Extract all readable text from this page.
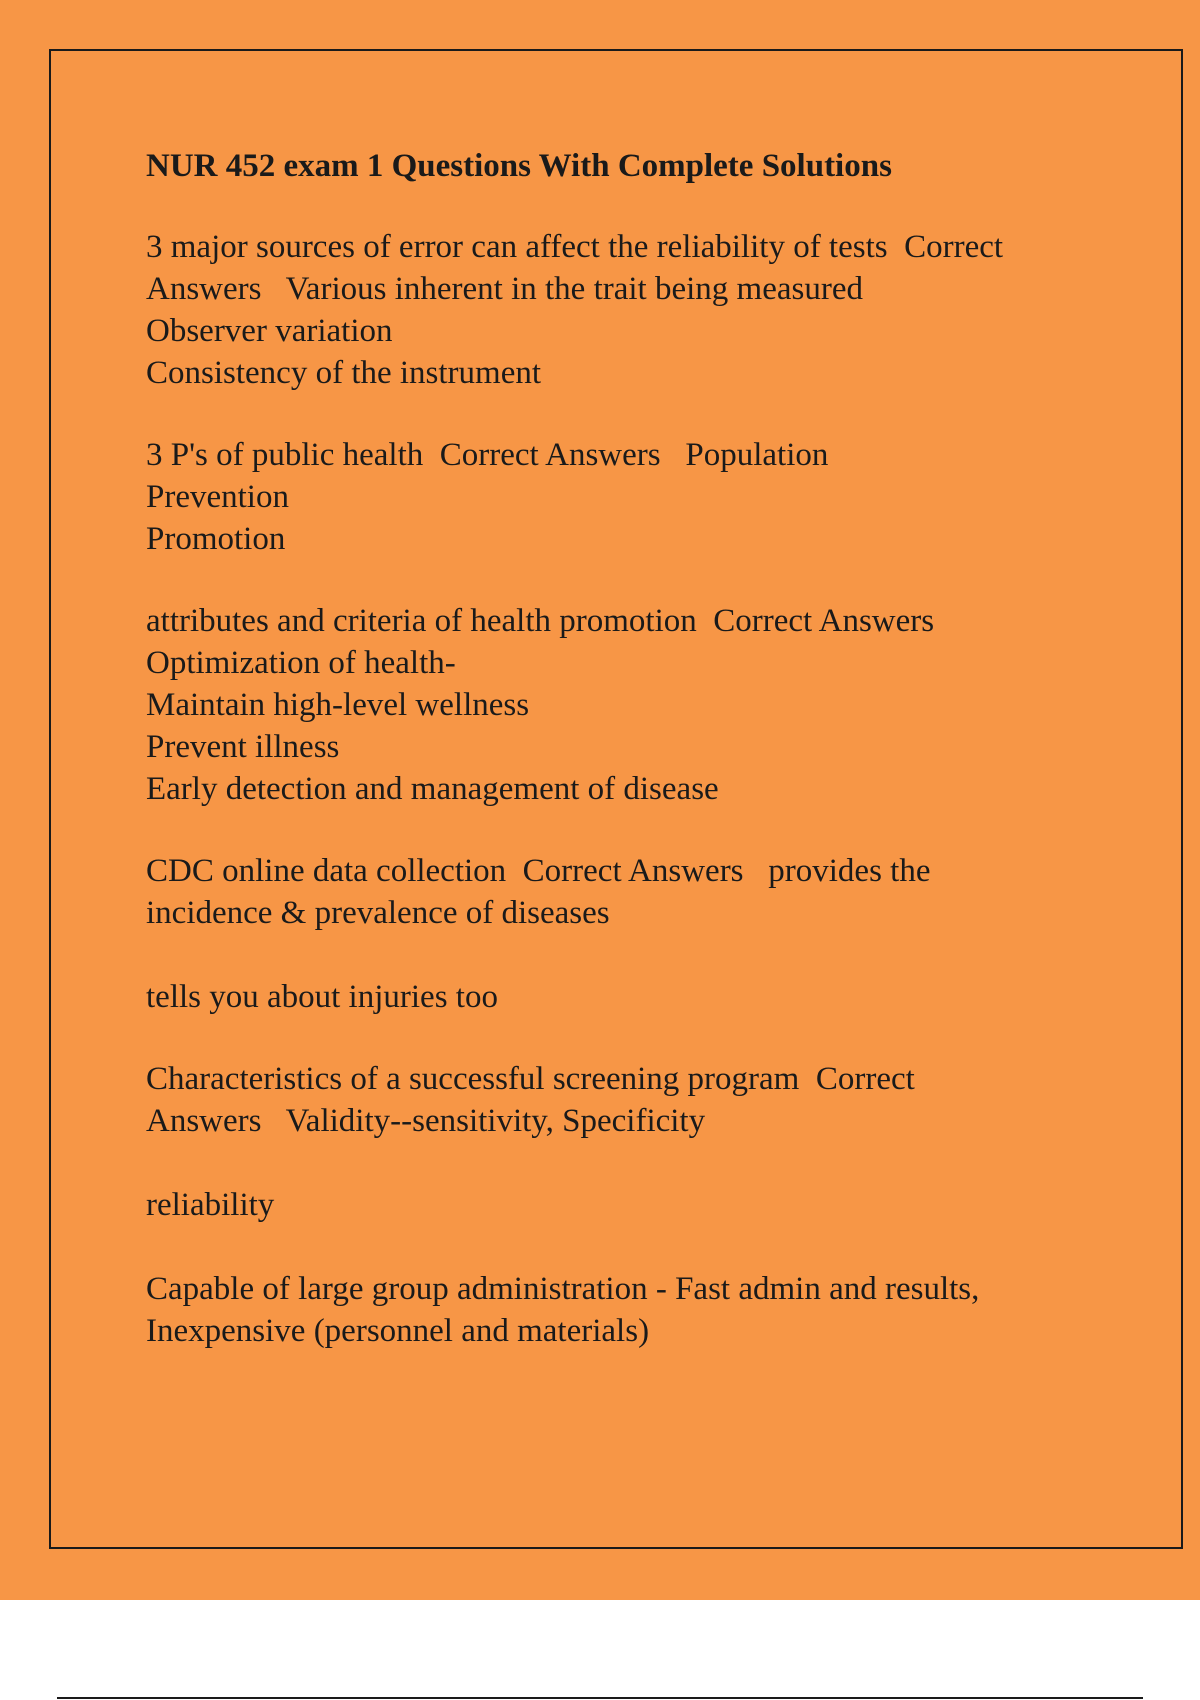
NUR 452 exam 1 Questions With Complete Solutions

3 major sources of error can affect the reliability of tests  Correct

Answers   Various inherent in the trait being measured

Observer variation

Consistency of the instrument

3 P's of public health  Correct Answers   Population

Prevention

Promotion

attributes and criteria of health promotion  Correct Answers

Optimization of health-

Maintain high-level wellness

Prevent illness

Early detection and management of disease

CDC online data collection  Correct Answers   provides the

incidence & prevalence of diseases

tells you about injuries too

Characteristics of a successful screening program  Correct

Answers   Validity--sensitivity, Specificity

reliability

Capable of large group administration - Fast admin and results,

Inexpensive (personnel and materials)
